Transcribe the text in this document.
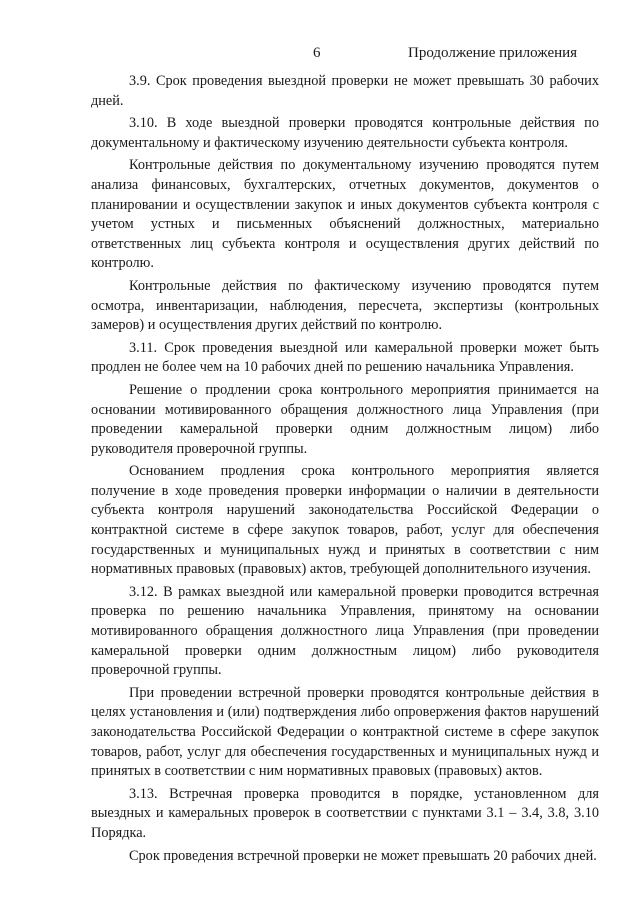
6	Продолжение приложения

3.9. Срок проведения выездной проверки не может превышать 30 рабочих дней.

3.10. В ходе выездной проверки проводятся контрольные действия по документальному и фактическому изучению деятельности субъекта контроля.

Контрольные действия по документальному изучению проводятся путем анализа финансовых, бухгалтерских, отчетных документов, документов о планировании и осуществлении закупок и иных документов субъекта контроля с учетом устных и письменных объяснений должностных, материально ответственных лиц субъекта контроля и осуществления других действий по контролю.

Контрольные действия по фактическому изучению проводятся путем осмотра, инвентаризации, наблюдения, пересчета, экспертизы (контрольных замеров) и осуществления других действий по контролю.

3.11. Срок проведения выездной или камеральной проверки может быть продлен не более чем на 10 рабочих дней по решению начальника Управления.

Решение о продлении срока контрольного мероприятия принимается на основании мотивированного обращения должностного лица Управления (при проведении камеральной проверки одним должностным лицом) либо руководителя проверочной группы.

Основанием продления срока контрольного мероприятия является получение в ходе проведения проверки информации о наличии в деятельности субъекта контроля нарушений законодательства Российской Федерации о контрактной системе в сфере закупок товаров, работ, услуг для обеспечения государственных и муниципальных нужд и принятых в соответствии с ним нормативных правовых (правовых) актов, требующей дополнительного изучения.

3.12. В рамках выездной или камеральной проверки проводится встречная проверка по решению начальника Управления, принятому на основании мотивированного обращения должностного лица Управления (при проведении камеральной проверки одним должностным лицом) либо руководителя проверочной группы.

При проведении встречной проверки проводятся контрольные действия в целях установления и (или) подтверждения либо опровержения фактов нарушений законодательства Российской Федерации о контрактной системе в сфере закупок товаров, работ, услуг для обеспечения государственных и муниципальных нужд и принятых в соответствии с ним нормативных правовых (правовых) актов.

3.13. Встречная проверка проводится в порядке, установленном для выездных и камеральных проверок в соответствии с пунктами 3.1 – 3.4, 3.8, 3.10 Порядка.

Срок проведения встречной проверки не может превышать 20 рабочих дней.
